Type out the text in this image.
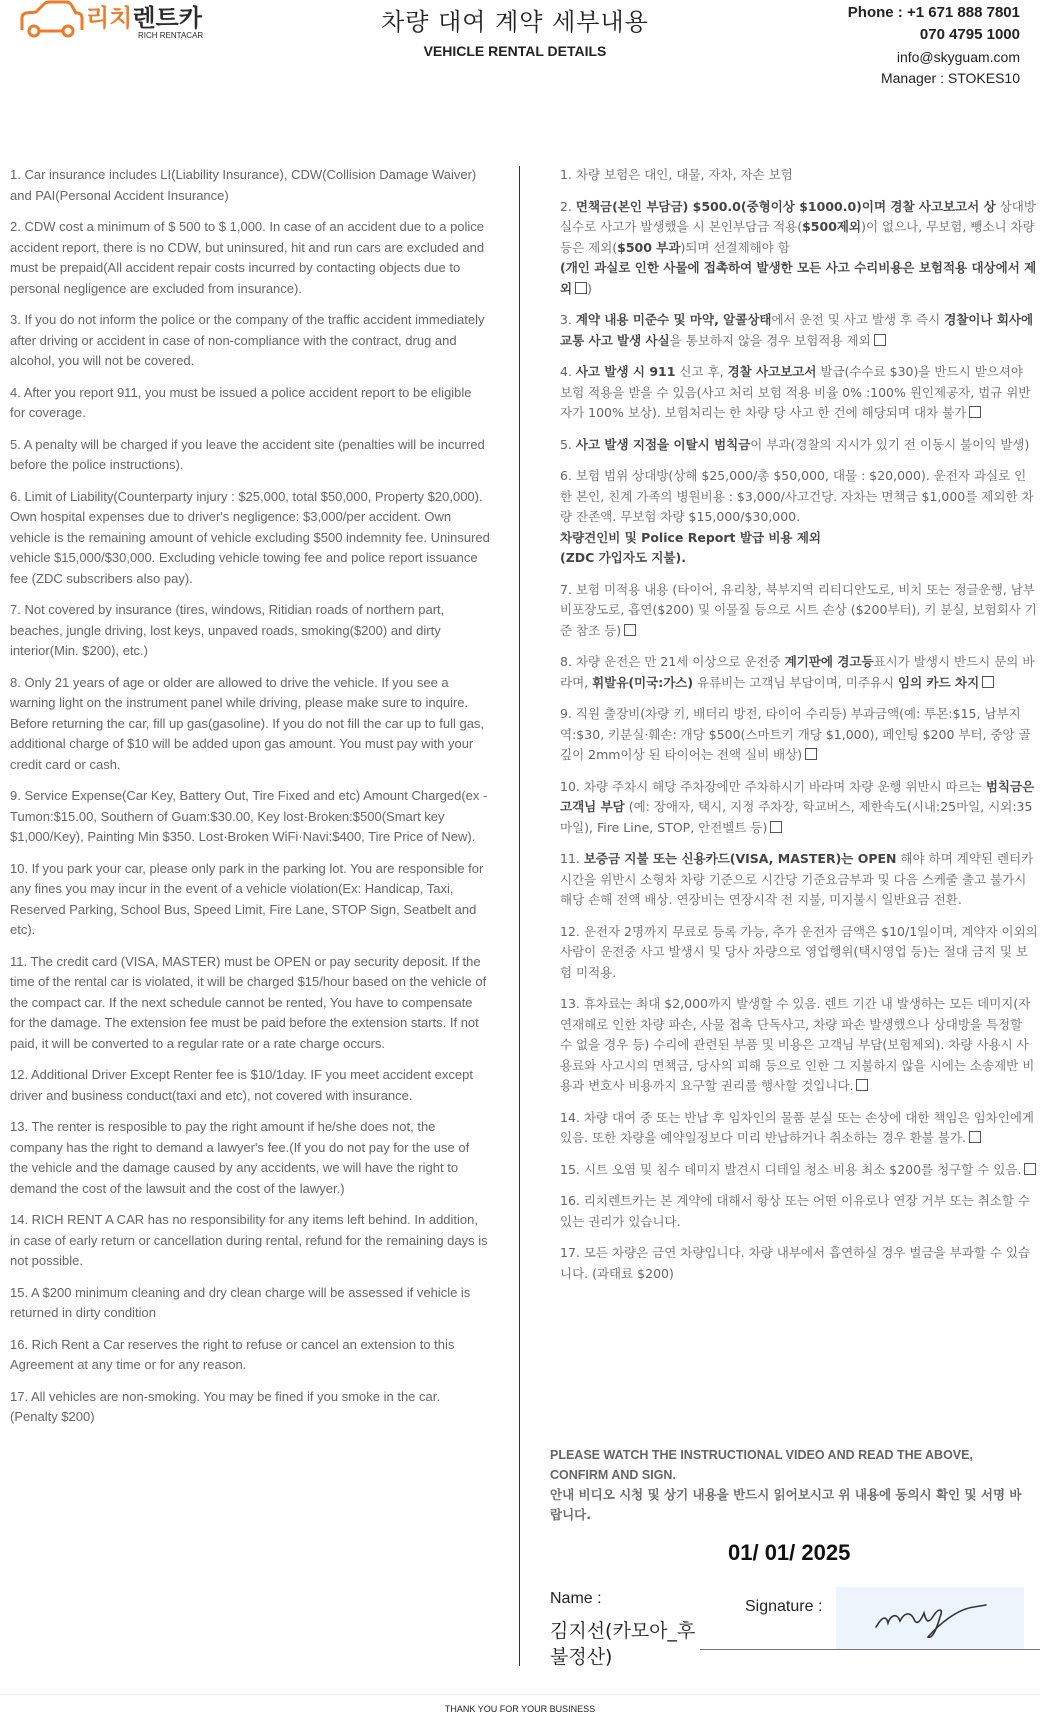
리치렌트카
RICH RENTACAR	차량 대여 계약 세부내용
VEHICLE RENTAL DETAILS
Phone : +1 671 888 7801
070 4795 1000
info@skyguam.com
Manager : STOKES10

1. Car insurance includes LI(Liability Insurance), CDW(Collision Damage Waiver) and PAI(Personal Accident Insurance)

2. CDW cost a minimum of $ 500 to $ 1,000. In case of an accident due to a police accident report, there is no CDW, but uninsured, hit and run cars are excluded and must be prepaid(All accident repair costs incurred by contacting objects due to personal negligence are excluded from insurance).

3. If you do not inform the police or the company of the traffic accident immediately after driving or accident in case of non-compliance with the contract, drug and alcohol, you will not be covered.

4. After you report 911, you must be issued a police accident report to be eligible for coverage.

5. A penalty will be charged if you leave the accident site (penalties will be incurred before the police instructions).

6. Limit of Liability(Counterparty injury : $25,000, total $50,000, Property $20,000). Own hospital expenses due to driver's negligence: $3,000/per accident. Own vehicle is the remaining amount of vehicle excluding $500 indemnity fee. Uninsured vehicle $15,000/$30,000. Excluding vehicle towing fee and police report issuance fee (ZDC subscribers also pay).

7. Not covered by insurance (tires, windows, Ritidian roads of northern part, beaches, jungle driving, lost keys, unpaved roads, smoking($200) and dirty interior(Min. $200), etc.)

8. Only 21 years of age or older are allowed to drive the vehicle. If you see a warning light on the instrument panel while driving, please make sure to inquire. Before returning the car, fill up gas(gasoline). If you do not fill the car up to full gas, additional charge of $10 will be added upon gas amount. You must pay with your credit card or cash.

9. Service Expense(Car Key, Battery Out, Tire Fixed and etc) Amount Charged(ex -Tumon:$15.00, Southern of Guam:$30.00, Key lost·Broken:$500(Smart key $1,000/Key), Painting Min $350. Lost·Broken WiFi·Navi:$400, Tire Price of New).

10. If you park your car, please only park in the parking lot. You are responsible for any fines you may incur in the event of a vehicle violation(Ex: Handicap, Taxi, Reserved Parking, School Bus, Speed Limit, Fire Lane, STOP Sign, Seatbelt and etc).

11. The credit card (VISA, MASTER) must be OPEN or pay security deposit. If the time of the rental car is violated, it will be charged $15/hour based on the vehicle of the compact car. If the next schedule cannot be rented, You have to compensate for the damage. The extension fee must be paid before the extension starts. If not paid, it will be converted to a regular rate or a rate charge occurs.

12. Additional Driver Except Renter fee is $10/1day. IF you meet accident except driver and business conduct(taxi and etc), not covered with insurance.

13. The renter is resposible to pay the right amount if he/she does not, the company has the right to demand a lawyer's fee.(If you do not pay for the use of the vehicle and the damage caused by any accidents, we will have the right to demand the cost of the lawsuit and the cost of the lawyer.)

14. RICH RENT A CAR has no responsibility for any items left behind. In addition, in case of early return or cancellation during rental, refund for the remaining days is not possible.

15. A $200 minimum cleaning and dry clean charge will be assessed if vehicle is returned in dirty condition

16. Rich Rent a Car reserves the right to refuse or cancel an extension to this Agreement at any time or for any reason.

17. All vehicles are non-smoking. You may be fined if you smoke in the car. (Penalty $200)

1. 차량 보험은 대인, 대물, 자차, 자손 보험

2. 면책금(본인 부담금) $500.0(중형이상 $1000.0)이며 경찰 사고보고서 상 상대방 실수로 사고가 발생했을 시 본인부담금 적용($500제외)이 없으나, 무보험, 뺑소니 차량 등은 제외($500 부과)되며 선결제해야 함
(개인 과실로 인한 사물에 접촉하여 발생한 모든 사고 수리비용은 보험적용 대상에서 제외 )

3. 계약 내용 미준수 및 마약, 알콜상태에서 운전 및 사고 발생 후 즉시 경찰이나 회사에 교통 사고 발생 사실을 통보하지 않을 경우 보험적용 제외

4. 사고 발생 시 911 신고 후, 경찰 사고보고서 발급(수수료 $30)을 반드시 받으셔야 보험 적용을 받을 수 있음(사고 처리 보험 적용 비율 0% :100% 원인제공자, 법규 위반자가 100% 보상). 보험처리는 한 차량 당 사고 한 건에 해당되며 대차 불가

5. 사고 발생 지점을 이탈시 범칙금이 부과(경찰의 지시가 있기 전 이동시 불이익 발생)

6. 보험 범위 상대방(상해 $25,000/총 $50,000, 대물 : $20,000). 운전자 과실로 인한 본인, 친계 가족의 병원비용 : $3,000/사고건당. 자차는 면책금 $1,000를 제외한 차량 잔존액. 무보험 차량 $15,000/$30,000.
차량견인비 및 Police Report 발급 비용 제외
(ZDC 가입자도 지불).

7. 보험 미적용 내용 (타이어, 유리창, 북부지역 리티디안도로, 비치 또는 정글운행, 남부 비포장도로, 흡연($200) 및 이물질 등으로 시트 손상 ($200부터), 키 분실, 보험회사 기준 참조 등)

8. 차량 운전은 만 21세 이상으로 운전중 계기판에 경고등표시가 발생시 반드시 문의 바라며, 휘발유(미국:가스) 유류비는 고객님 부담이며, 미주유시 임의 카드 차지

9. 직원 출장비(차량 키, 배터리 방전, 타이어 수리등) 부과금액(예: 투몬:$15, 남부지역:$30, 키분실·훼손: 개당 $500(스마트키 개당 $1,000), 페인팅 $200 부터, 중앙 골 깊이 2mm이상 된 타이어는 전액 실비 배상)

10. 차량 주차시 해당 주차장에만 주차하시기 바라며 차량 운행 위반시 따르는 범칙금은 고객님 부담 (예: 장애자, 택시, 지정 주차장, 학교버스, 제한속도(시내:25마일, 시외:35마일), Fire Line, STOP, 안전벨트 등)

11. 보증금 지불 또는 신용카드(VISA, MASTER)는 OPEN 해야 하며 계약된 렌터카 시간을 위반시 소형차 차량 기준으로 시간당 기준요금부과 및 다음 스케줄 출고 불가시 해당 손해 전액 배상. 연장비는 연장시작 전 지불, 미지불시 일반요금 전환.

12. 운전자 2명까지 무료로 등록 가능, 추가 운전자 금액은 $10/1일이며, 계약자 이외의 사람이 운전중 사고 발생시 및 당사 차량으로 영업행위(택시영업 등)는 절대 금지 및 보험 미적용.

13. 휴차료는 최대 $2,000까지 발생할 수 있음. 렌트 기간 내 발생하는 모든 데미지(자연재해로 인한 차량 파손, 사물 접촉 단독사고, 차량 파손 발생했으나 상대방을 특정할 수 없을 경우 등) 수리에 관련된 부품 및 비용은 고객님 부담(보험제외). 차량 사용시 사용료와 사고시의 면책금, 당사의 피해 등으로 인한 그 지불하지 않을 시에는 소송제반 비용과 변호사 비용까지 요구할 권리를 행사할 것입니다.

14. 차량 대여 중 또는 반납 후 임차인의 물품 분실 또는 손상에 대한 책임은 임차인에게 있음. 또한 차량을 예약일정보다 미리 반납하거나 취소하는 경우 환불 불가.

15. 시트 오염 및 침수 데미지 발견시 디테일 청소 비용 최소 $200를 청구할 수 있음.

16. 리치렌트카는 본 계약에 대해서 항상 또는 어떤 이유로나 연장 거부 또는 취소할 수 있는 권리가 있습니다.

17. 모든 차량은 금연 차량입니다. 차량 내부에서 흡연하실 경우 벌금을 부과할 수 있습니다. (과태료 $200)

PLEASE WATCH THE INSTRUCTIONAL VIDEO AND READ THE ABOVE, CONFIRM AND SIGN.
안내 비디오 시청 및 상기 내용을 반드시 읽어보시고 위 내용에 동의시 확인 및 서명 바랍니다.
01/ 01/ 2025
Name :
김지선(카모아_후불정산)
Signature :
THANK YOU FOR YOUR BUSINESS
